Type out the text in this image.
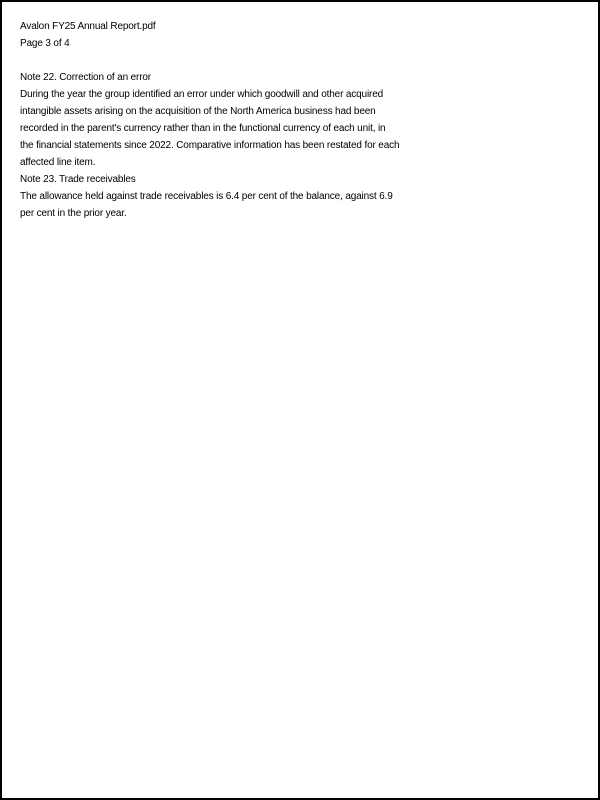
Avalon FY25 Annual Report.pdf
Page 3 of 4
Note 22. Correction of an error
During the year the group identified an error under which goodwill and other acquired
intangible assets arising on the acquisition of the North America business had been
recorded in the parent's currency rather than in the functional currency of each unit, in
the financial statements since 2022. Comparative information has been restated for each
affected line item.
Note 23. Trade receivables
The allowance held against trade receivables is 6.4 per cent of the balance, against 6.9
per cent in the prior year.
